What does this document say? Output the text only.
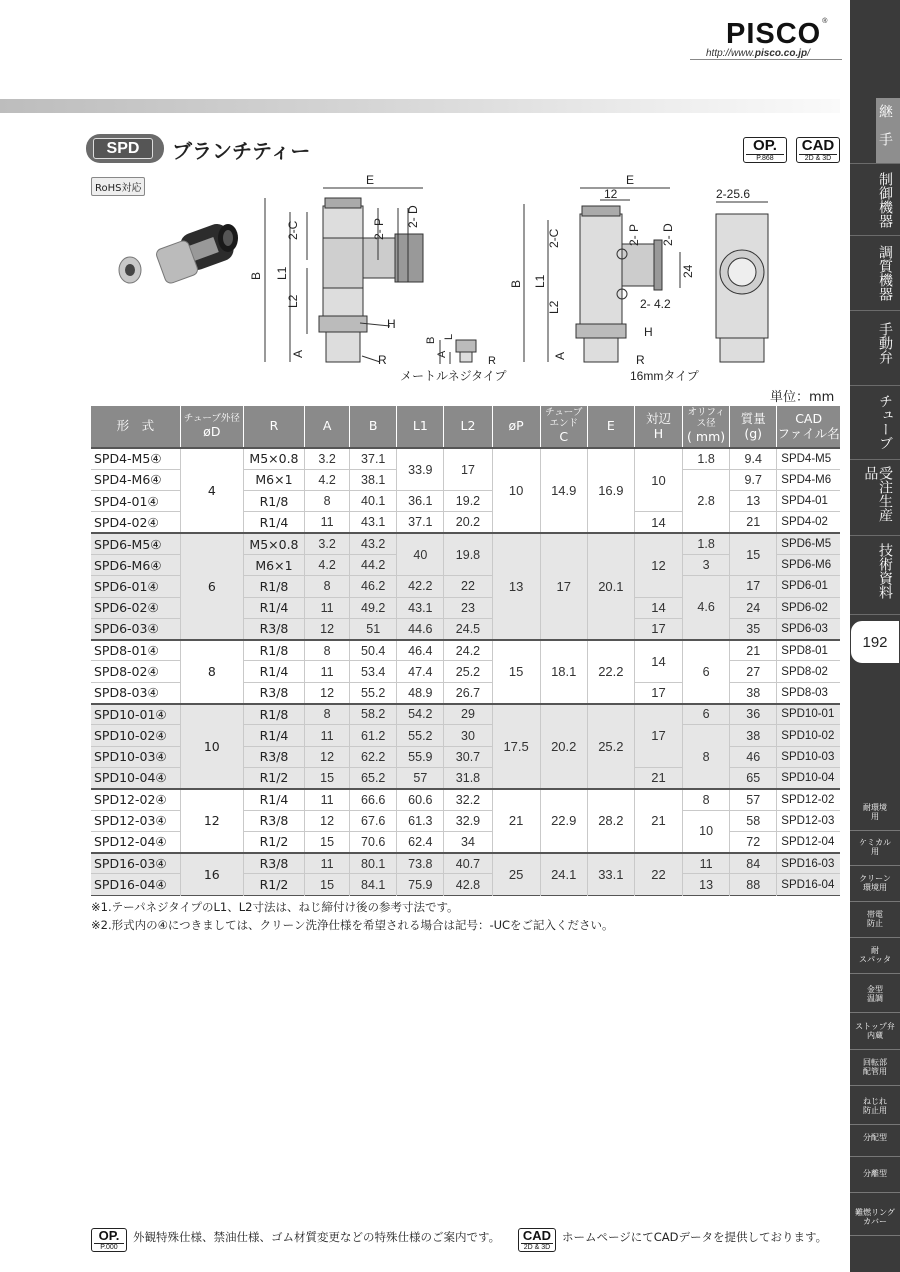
PISCO®
http://www.pisco.co.jp/
継　手
制御機器
調質機器
手動弁
チューブ
受注生産品
技術資料
192
耐環境
用
ケミカル
用
クリーン
環境用
帯電
防止
耐
スパッタ
金型
温調
ストップ弁
内蔵
回転部
配管用
ねじれ
防止用
分配型
分離型
難燃リング
カバー
SPD	ブランチティー
RoHS対応
OP.
P.868
CAD
2D & 3D
E
B L1
2-C
L2
A
2- P
2- D
H
R
B
A
L
R
メートルネジタイプ
E
12
B L1
2-C
L2
A
2- P 2- D
24
2- 4.2
H
R
16mmタイプ
2-25.6
単位：mm
形　式	チューブ外径
øD	R	A	B	L1	L2	øP	チューブエンド
C	E	対辺
H	オリフィス径
( mm)	質量
(g)	CAD
ファイル名
SPD4-M5④	4	M5×0.8	3.2	37.1	33.9	17	10	14.9	16.9	10	1.8	9.4	SPD4-M5
SPD4-M6④		M6×1	4.2	38.1							2.8	9.7	SPD4-M6
SPD4-01④		R1/8	8	40.1	36.1	19.2						13	SPD4-01
SPD4-02④		R1/4	11	43.1	37.1	20.2				14		21	SPD4-02
SPD6-M5④	6	M5×0.8	3.2	43.2	40	19.8	13	17	20.1	12	1.8	15	SPD6-M5
SPD6-M6④		M6×1	4.2	44.2							3		SPD6-M6
SPD6-01④		R1/8	8	46.2	42.2	22					4.6	17	SPD6-01
SPD6-02④		R1/4	11	49.2	43.1	23				14		24	SPD6-02
SPD6-03④		R3/8	12	51	44.6	24.5				17		35	SPD6-03
SPD8-01④	8	R1/8	8	50.4	46.4	24.2	15	18.1	22.2	14	6	21	SPD8-01
SPD8-02④		R1/4	11	53.4	47.4	25.2						27	SPD8-02
SPD8-03④		R3/8	12	55.2	48.9	26.7				17		38	SPD8-03
SPD10-01④	10	R1/8	8	58.2	54.2	29	17.5	20.2	25.2	17	6	36	SPD10-01
SPD10-02④		R1/4	11	61.2	55.2	30					8	38	SPD10-02
SPD10-03④		R3/8	12	62.2	55.9	30.7						46	SPD10-03
SPD10-04④		R1/2	15	65.2	57	31.8				21		65	SPD10-04
SPD12-02④	12	R1/4	11	66.6	60.6	32.2	21	22.9	28.2	21	8	57	SPD12-02
SPD12-03④		R3/8	12	67.6	61.3	32.9					10	58	SPD12-03
SPD12-04④		R1/2	15	70.6	62.4	34						72	SPD12-04
SPD16-03④	16	R3/8	11	80.1	73.8	40.7	25	24.1	33.1	22	11	84	SPD16-03
SPD16-04④		R1/2	15	84.1	75.9	42.8					13	88	SPD16-04
※1.テーパネジタイプのL1、L2寸法は、ねじ締付け後の参考寸法です。
※2.形式内の④につきましては、クリーン洗浄仕様を希望される場合は記号：-UCをご記入ください。
OP.
P.000
外観特殊仕様、禁油仕様、ゴム材質変更などの特殊仕様のご案内です。	CAD
2D & 3D
ホームページにてCADデータを提供しております。
